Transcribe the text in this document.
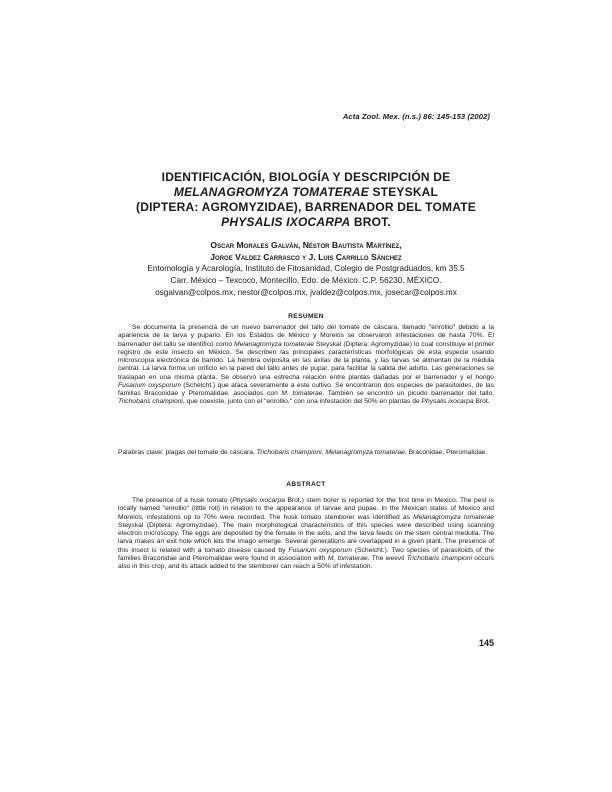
Acta Zool. Mex. (n.s.) 86: 145-153 (2002)
IDENTIFICACIÓN, BIOLOGÍA Y DESCRIPCIÓN DE
MELANAGROMYZA TOMATERAE STEYSKAL
(DIPTERA: AGROMYZIDAE), BARRENADOR DEL TOMATE
PHYSALIS IXOCARPA BROT.
Oscar Morales Galván, Néstor Bautista Martínez,
Jorge Valdez Carrasco y J. Luis Carrillo Sánchez
Entomología y Acarología, Instituto de Fitosanidad, Colegio de Postgraduados, km 35.5
Carr. México – Texcoco, Montecillo, Edo. de México. C.P. 56230. MÉXICO.
osgalvan@colpos.mx, nestor@colpos.mx, jvaldez@colpos.mx, josecar@colpos.mx
RESUMEN
Se documenta la presencia de un nuevo barrenador del tallo del tomate de cáscara, llamado "enrollio" debido a la apariencia de la larva y pupario. En los Estados de México y Morelos se observaron infestaciones de hasta 70%. El barrenador del tallo se identificó como Melanagromyza tomaterae Steyskal (Diptera: Agromyzidae) lo cual constituye el primer registro de este insecto en México. Se describen las principales características morfológicas de esta especie usando microscopía electrónica de barrido. La hembra oviposita en las axilas de la planta, y las larvas se alimentan de la médula central. La larva forma un orificio en la pared del tallo antes de pupar, para facilitar la salida del adulto. Las generaciones se traslapan en una misma planta. Se observó una estrecha relación entre plantas dañadas por el barrenador y el hongo Fusarium oxysporum (Schelcht.) que ataca severamente a este cultivo. Se encontraron dos especies de parasitoides, de las familias Braconidae y Pteromalidae, asociados con M. tomaterae. También se encontró un picudo barrenador del tallo, Trichobaris championi, que coexiste, junto con el "enrollio," con una infestación del 50% en plantas de Physalis ixocarpa Brot.
Palabras clave: plagas del tomate de cáscara, Trichobaris championi, Melanagromyza tomaterae, Braconidae, Pteromalidae.
ABSTRACT
The presence of a husk tomato (Physalis ixocarpa Brot.) stem borer is reported for the first time in Mexico. The pest is locally named "enrollio" (little roll) in relation to the appearance of larvae and pupae. In the Mexican states of Mexico and Morelos, infestations up to 70% were recorded. The husk tomato stemborer was identified as Melanagromyza tomaterae Steyskal (Diptera: Agromyzidae). The main morphological characteristics of this species were described using scanning electron microscopy. The eggs are deposited by the female in the axils, and the larva feeds on the stem central medulla. The larva makes an exit hole which lets the imago emerge. Several generations are overlapped in a given plant. The presence of this insect is related with a tomato disease caused by Fusarium oxysporum (Schelcht.). Two species of parasitoids of the families Braconidae and Pteromalidae were found in association with M. tomaterae. The weevil Trichobaris championi occurs also in this crop, and its attack added to the stemborer can reach a 50% of infestation.
145
